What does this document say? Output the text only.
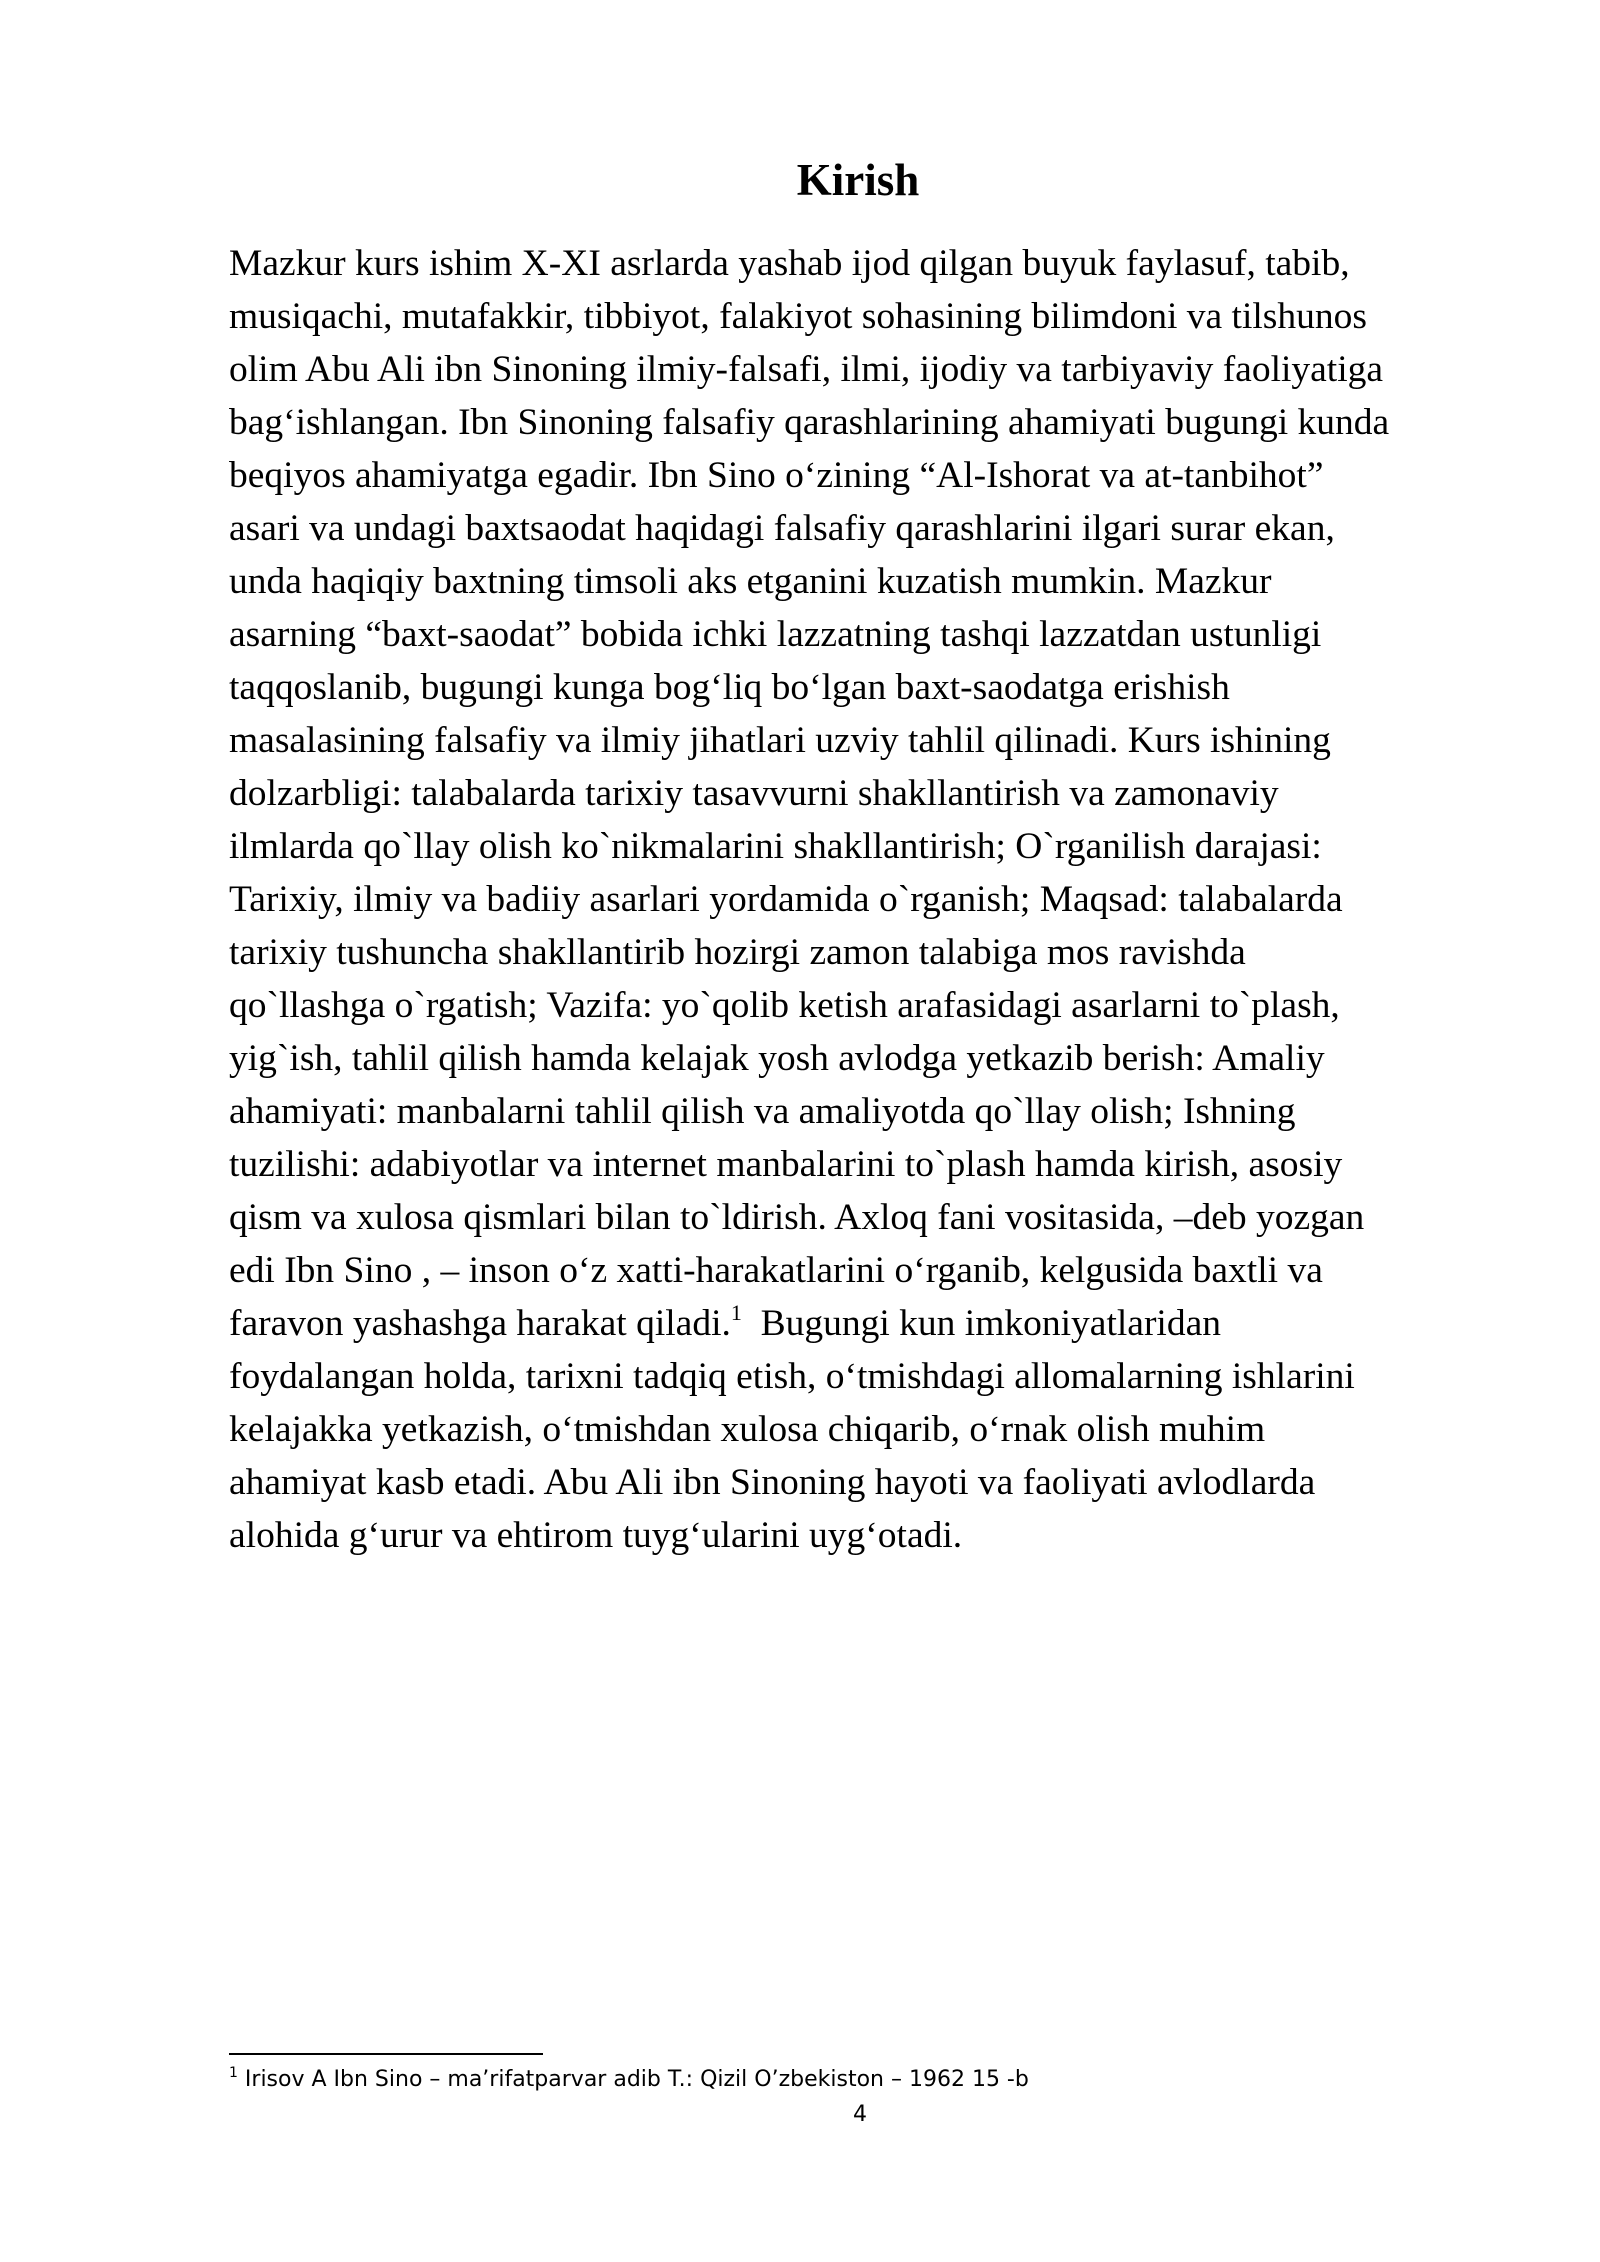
Kirish

Mazkur kurs ishim X-XI asrlarda yashab ijod qilgan buyuk faylasuf, tabib,
musiqachi, mutafakkir, tibbiyot, falakiyot sohasining bilimdoni va tilshunos
olim Abu Ali ibn Sinoning ilmiy-falsafi, ilmi, ijodiy va tarbiyaviy faoliyatiga
bag‘ishlangan. Ibn Sinoning falsafiy qarashlarining ahamiyati bugungi kunda
beqiyos ahamiyatga egadir. Ibn Sino o‘zining “Al-Ishorat va at-tanbihot”
asari va undagi baxtsaodat haqidagi falsafiy qarashlarini ilgari surar ekan,
unda haqiqiy baxtning timsoli aks etganini kuzatish mumkin. Mazkur
asarning “baxt-saodat” bobida ichki lazzatning tashqi lazzatdan ustunligi
taqqoslanib, bugungi kunga bog‘liq bo‘lgan baxt-saodatga erishish
masalasining falsafiy va ilmiy jihatlari uzviy tahlil qilinadi. Kurs ishining
dolzarbligi: talabalarda tarixiy tasavvurni shakllantirish va zamonaviy
ilmlarda qo`llay olish ko`nikmalarini shakllantirish; O`rganilish darajasi:
Tarixiy, ilmiy va badiiy asarlari yordamida o`rganish; Maqsad: talabalarda
tarixiy tushuncha shakllantirib hozirgi zamon talabiga mos ravishda
qo`llashga o`rgatish; Vazifa: yo`qolib ketish arafasidagi asarlarni to`plash,
yig`ish, tahlil qilish hamda kelajak yosh avlodga yetkazib berish: Amaliy
ahamiyati: manbalarni tahlil qilish va amaliyotda qo`llay olish; Ishning
tuzilishi: adabiyotlar va internet manbalarini to`plash hamda kirish, asosiy
qism va xulosa qismlari bilan to`ldirish. Axloq fani vositasida, –deb yozgan
edi Ibn Sino , – inson o‘z xatti-harakatlarini o‘rganib, kelgusida baxtli va
faravon yashashga harakat qiladi.$^1$  Bugungi kun imkoniyatlaridan
foydalangan holda, tarixni tadqiq etish, o‘tmishdagi allomalarning ishlarini
kelajakka yetkazish, o‘tmishdan xulosa chiqarib, o‘rnak olish muhim
ahamiyat kasb etadi. Abu Ali ibn Sinoning hayoti va faoliyati avlodlarda
alohida g‘urur va ehtirom tuyg‘ularini uyg‘otadi.

$^1$ Irisov A Ibn Sino – ma’rifatparvar adib T.: Qizil O’zbekiston – 1962 15 -b
4
